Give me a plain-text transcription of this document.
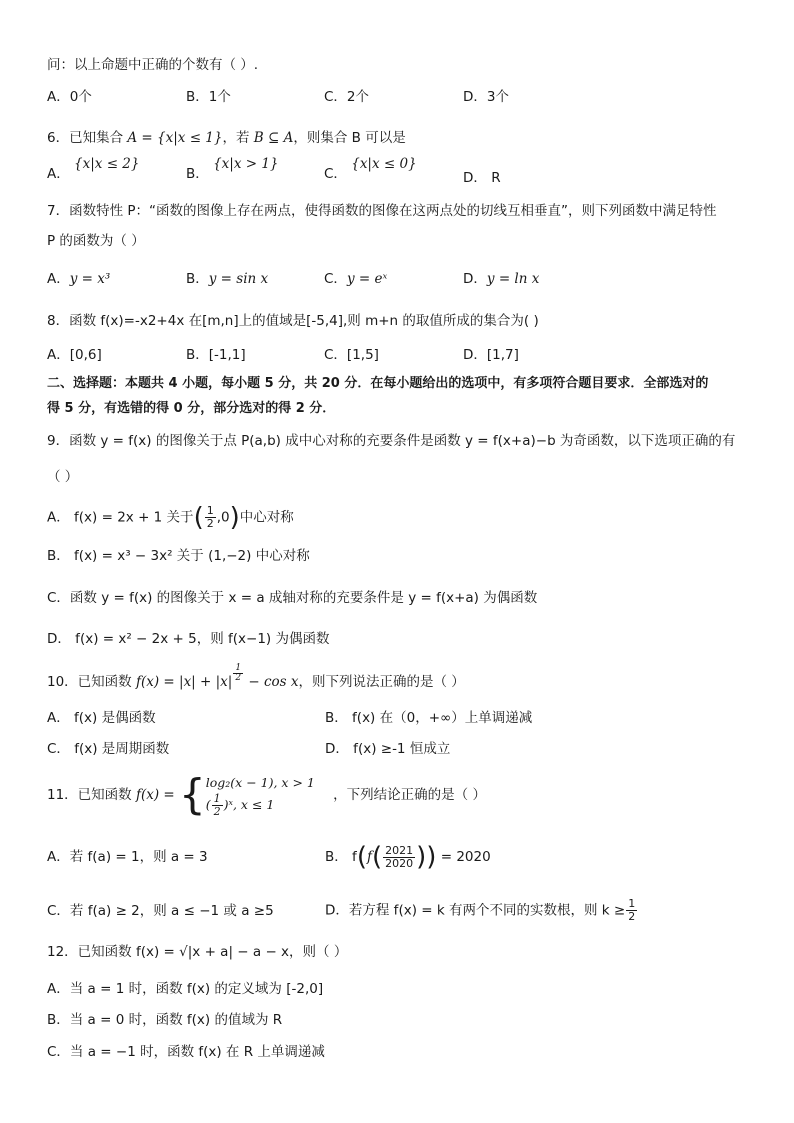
问：以上命题中正确的个数有（ ）.
A．0个	B．1个	C．2个	D．3个
6．已知集合 A = {x|x ≤ 1}，若 B ⊆ A，则集合 B 可以是
A． {x|x ≤ 2}
B． {x|x > 1}
C． {x|x ≤ 0}
D． R
7．函数特性 P：“函数的图像上存在两点，使得函数的图像在这两点处的切线互相垂直”，则下列函数中满足特性
P 的函数为（ ）
A．y = x³	B．y = sin x	C．y = eˣ	D．y = ln x
8．函数 f(x)=-x2+4x 在[m,n]上的值域是[-5,4],则 m+n 的取值所成的集合为( )
A．[0,6]	B．[-1,1]	C．[1,5]	D．[1,7]
二、选择题：本题共 4 小题，每小题 5 分，共 20 分．在每小题给出的选项中，有多项符合题目要求．全部选对的
得 5 分，有选错的得 0 分，部分选对的得 2 分．
9．函数 y = f(x) 的图像关于点 P(a,b) 成中心对称的充要条件是函数 y = f(x+a)−b 为奇函数，以下选项正确的有
（ ）
A． f(x) = 2x + 1 关于( $\frac{1}{2} ,0$)中心对称
B． f(x) = x³ − 3x² 关于 (1,−2) 中心对称
C．函数 y = f(x) 的图像关于 x = a 成轴对称的充要条件是 y = f(x+a) 为偶函数
D． f(x) = x² − 2x + 5，则 f(x−1) 为偶函数
10．已知函数 $f(x) = |x| + |x| \frac{1}{2} - \cos x$，则下列说法正确的是（ ）
A． f(x) 是偶函数	B． f(x) 在（0，+∞）上单调递减
C． f(x) 是周期函数	D． f(x) ≥-1 恒成立
11．已知函数 f(x) = { log₂(x − 1), x > 1
( $\frac{1}{2}$ )ˣ, x ≤ 1
，下列结论正确的是（ ）
A．若 f(a) = 1，则 a = 3	B． $f(f( \frac{2021}{2020}$ )) = 2020
C．若 f(a) ≥ 2，则 a ≤ −1 或 a ≥5	D．若方程 f(x) = k 有两个不同的实数根，则 $k \ge \frac{1}{2}$
12．已知函数 f(x) = √|x + a| − a − x，则（ ）
A．当 a = 1 时，函数 f(x) 的定义域为 [-2,0]
B．当 a = 0 时，函数 f(x) 的值域为 R
C．当 a = −1 时，函数 f(x) 在 R 上单调递减
